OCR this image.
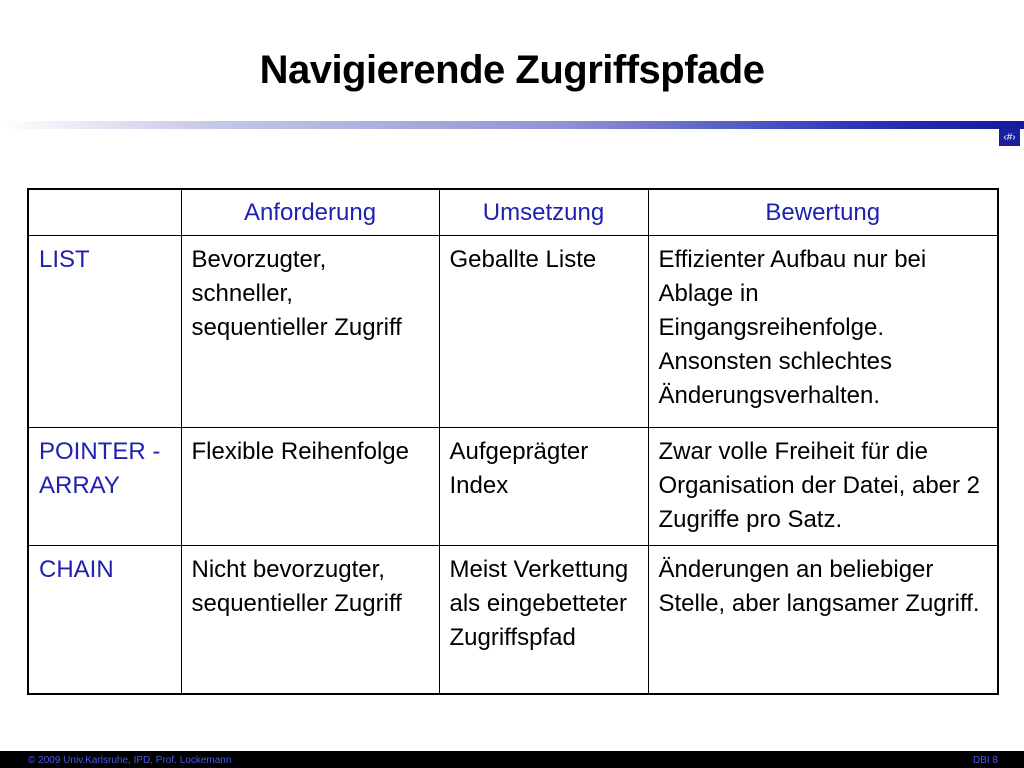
Navigierende Zugriffspfade
‹#›
	Anforderung	Umsetzung	Bewertung
LIST	Bevorzugter, schneller, sequentieller Zugriff	Geballte Liste	Effizienter Aufbau nur bei Ablage in Eingangsreihenfolge. Ansonsten schlechtes Änderungsverhalten.
POINTER -ARRAY	Flexible Reihenfolge	Aufgeprägter Index	Zwar volle Freiheit für die Organisation der Datei, aber 2 Zugriffe pro Satz.
CHAIN	Nicht bevorzugter, sequentieller Zugriff	Meist Verkettung als eingebetteter Zugriffspfad	Änderungen an beliebiger Stelle, aber langsamer Zugriff.
© 2009 Univ.Karlsruhe, IPD, Prof. Lockemann	DBI 8
